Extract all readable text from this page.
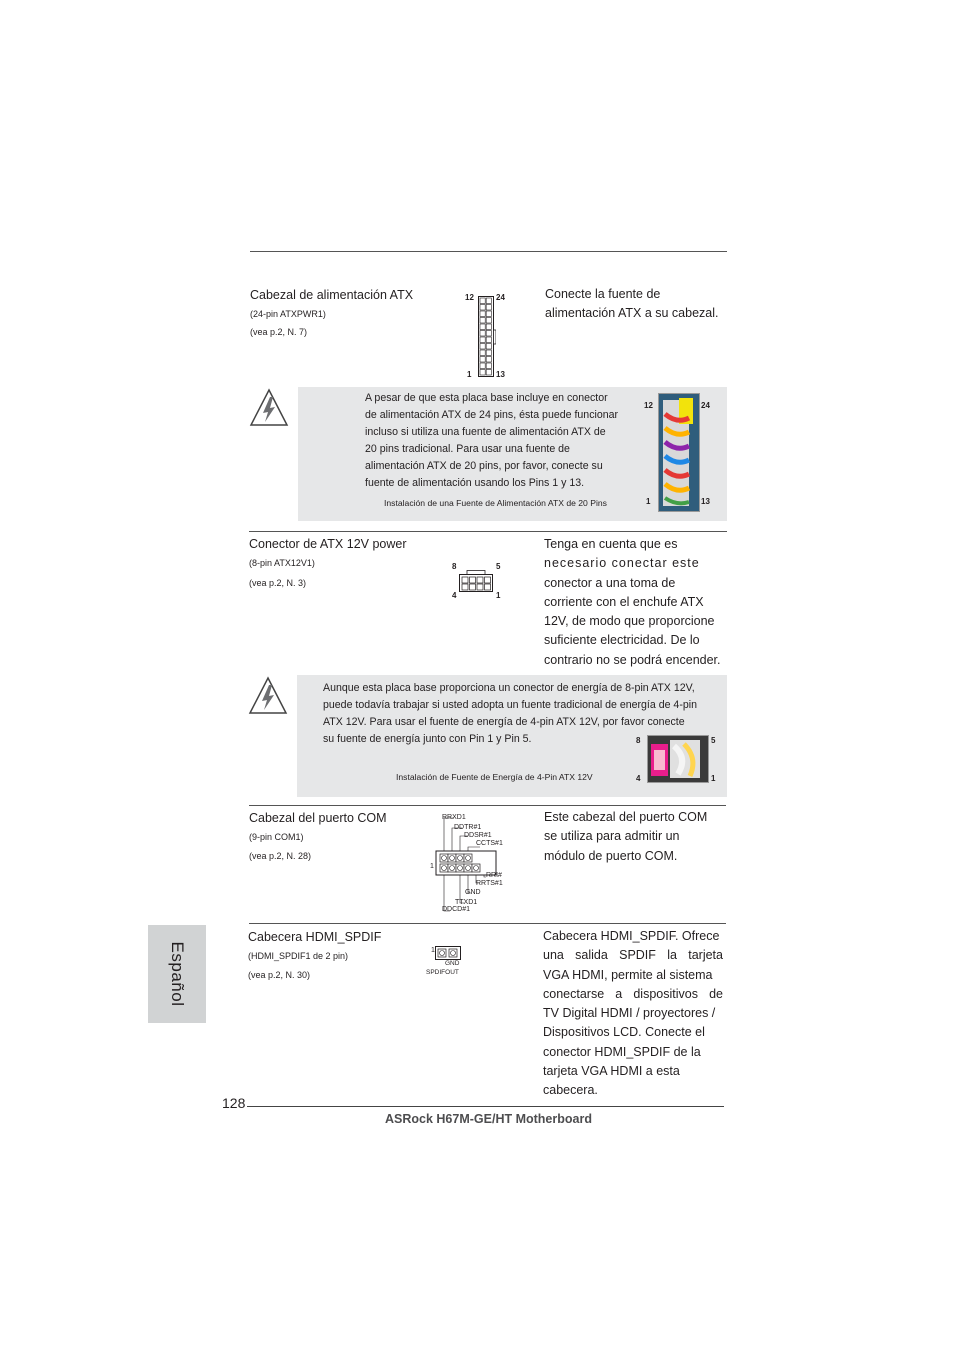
Cabezal de alimentación ATX
(24-pin ATXPWR1)
(vea p.2, N. 7)
12	24
1	13
Conecte la fuente de
alimentación ATX a su cabezal.
A pesar de que esta placa base incluye en conector
de alimentación ATX de 24 pins, ésta puede funcionar
incluso si utiliza una fuente de alimentación ATX de
20 pins tradicional. Para usar una fuente de
alimentación ATX de 20 pins, por favor, conecte su
fuente de alimentación usando los Pins 1 y 13.
Instalación de una Fuente de Alimentación ATX de 20 Pins
12	24
1	13
Conector de ATX 12V power
(8-pin ATX12V1)
(vea p.2, N. 3)
8	5
4	1
Tenga en cuenta que es
necesario conectar este
conector a una toma de
corriente con el enchufe ATX
12V, de modo que proporcione
suficiente electricidad. De lo
contrario no se podrá encender.
Aunque esta placa base proporciona un conector de energía de 8-pin ATX 12V,
puede todavía trabajar si usted adopta un fuente tradicional de energía de 4-pin
ATX 12V. Para usar el fuente de energía de 4-pin ATX 12V, por favor conecte
su fuente de energía junto con Pin 1 y Pin 5.
Instalación de Fuente de Energía de 4-Pin ATX 12V
8	5
4	1
Cabezal del puerto COM
(9-pin COM1)
(vea p.2, N. 28)
RRXD1
DDTR#1
DDSR#1
CCTS#1
RRI#
RRTS#1
GND
TTXD1
DDCD#1
1
Este cabezal del puerto COM
se utiliza para admitir un
módulo de puerto COM.
Cabecera HDMI_SPDIF
(HDMI_SPDIF1 de 2 pin)
(vea p.2, N. 30)
1
GND
SPDIFOUT
Cabecera HDMI_SPDIF. Ofrece
una salida SPDIF la tarjeta
VGA HDMI, permite al sistema
conectarse a dispositivos de
TV Digital HDMI / proyectores /
Dispositivos LCD. Conecte el
conector HDMI_SPDIF de la
tarjeta VGA HDMI a esta
cabecera.
Español
128
ASRock H67M-GE/HT Motherboard
